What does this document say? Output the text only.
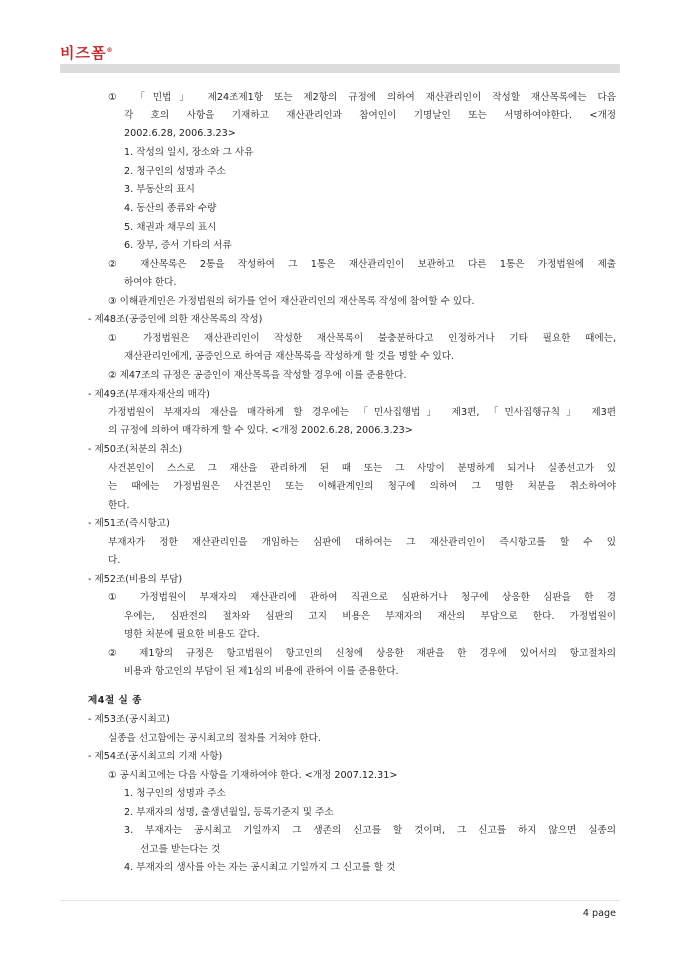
비즈폼®
① 「민법」 제24조제1항 또는 제2항의 규정에 의하여 재산관리인이 작성할 재산목록에는 다음
각 호의 사항을 기재하고 재산관리인과 참여인이 기명날인 또는 서명하여야한다. <개정
2002.6.28, 2006.3.23>
1. 작성의 일시, 장소와 그 사유
2. 청구인의 성명과 주소
3. 부동산의 표시
4. 동산의 종류와 수량
5. 채권과 채무의 표시
6. 장부, 증서 기타의 서류
② 재산목록은 2통을 작성하여 그 1통은 재산관리인이 보관하고 다른 1통은 가정법원에 제출
하여야 한다.
③ 이해관계인은 가정법원의 허가를 얻어 재산관리인의 재산목록 작성에 참여할 수 있다.
- 제48조(공증인에 의한 재산목록의 작성)
① 가정법원은 재산관리인이 작성한 재산목록이 불충분하다고 인정하거나 기타 필요한 때에는,
재산관리인에게, 공증인으로 하여금 재산목록을 작성하게 할 것을 명할 수 있다.
② 제47조의 규정은 공증인이 재산목록을 작성할 경우에 이를 준용한다.
- 제49조(부재자재산의 매각)
가정법원이 부재자의 재산을 매각하게 할 경우에는 「민사집행법」 제3편, 「민사집행규칙」 제3편
의 규정에 의하여 매각하게 할 수 있다. <개정 2002.6.28, 2006.3.23>
- 제50조(처분의 취소)
사건본인이 스스로 그 재산을 관리하게 된 때 또는 그 사망이 분명하게 되거나 실종선고가 있
는 때에는 가정법원은 사건본인 또는 이해관계인의 청구에 의하여 그 명한 처분을 취소하여야
한다.
- 제51조(즉시항고)
부재자가 정한 재산관리인을 개임하는 심판에 대하여는 그 재산관리인이 즉시항고를 할 수 있
다.
- 제52조(비용의 부담)
① 가정법원이 부재자의 재산관리에 관하여 직권으로 심판하거나 청구에 상응한 심판을 한 경
우에는, 심판전의 절차와 심판의 고지 비용은 부재자의 재산의 부담으로 한다. 가정법원이
명한 처분에 필요한 비용도 같다.
② 제1항의 규정은 항고법원이 항고인의 신청에 상응한 재판을 한 경우에 있어서의 항고절차의
비용과 항고인의 부담이 된 제1심의 비용에 관하여 이를 준용한다.
제4절 실 종
- 제53조(공시최고)
실종을 선고함에는 공시최고의 절차를 거쳐야 한다.
- 제54조(공시최고의 기재 사항)
① 공시최고에는 다음 사항을 기재하여야 한다. <개정 2007.12.31>
1. 청구인의 성명과 주소
2. 부재자의 성명, 출생년월일, 등록기준지 및 주소
3. 부재자는 공시최고 기일까지 그 생존의 신고를 할 것이며, 그 신고를 하지 않으면 실종의
선고를 받는다는 것
4. 부재자의 생사를 아는 자는 공시최고 기일까지 그 신고를 할 것
4 page
